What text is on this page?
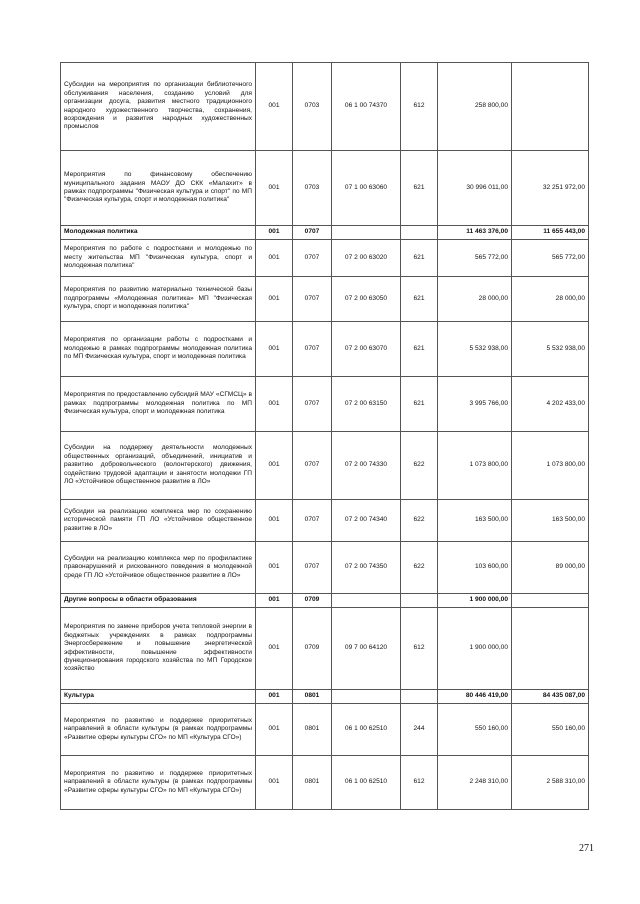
Субсидии на мероприятия по организации библиотечного обслуживания населения, созданию условий для организации досуга, развития местного традиционного народного художественного творчества, сохранения, возрождения и развития народных художественных промыслов	001	0703	06 1 00 74370	612	258 800,00	
Мероприятия по финансовому обеспечению муниципального задания МАОУ ДО СКК «Малахит» в рамках подпрограммы "Физическая культура и спорт" по МП "Физическая культура, спорт и молодежная политика"	001	0703	07 1 00 63060	621	30 996 011,00	32 251 972,00
Молодежная политика	001	0707			11 463 376,00	11 655 443,00
Мероприятия по работе с подростками и молодежью по месту жительства МП "Физическая культура, спорт и молодежная политика"	001	0707	07 2 00 63020	621	565 772,00	565 772,00
Мероприятия по развитию материально технической базы подпрограммы «Молодежная политика» МП "Физическая культура, спорт и молодежная политика"	001	0707	07 2 00 63050	621	28 000,00	28 000,00
Мероприятия по организации работы с подростками и молодежью в рамках подпрограммы молодежная политика по МП Физическая культура, спорт и молодежная политика	001	0707	07 2 00 63070	621	5 532 938,00	5 532 938,00
Мероприятия по предоставлению субсидий МАУ «СГМСЦ» в рамках подпрограммы молодежная политика по МП Физическая культура, спорт и молодежная политика	001	0707	07 2 00 63150	621	3 995 766,00	4 202 433,00
Субсидии на поддержку деятельности молодежных общественных организаций, объединений, инициатив и развитию добровольческого (волонтерского) движения, содействию трудовой адаптации и занятости молодежи ГП ЛО «Устойчивое общественное развитие в ЛО»	001	0707	07 2 00 74330	622	1 073 800,00	1 073 800,00
Субсидии на реализацию комплекса мер по сохранению исторической памяти ГП ЛО «Устойчивое общественное развитие в ЛО»	001	0707	07 2 00 74340	622	163 500,00	163 500,00
Субсидии на реализацию комплекса мер по профилактике правонарушений и рискованного поведения в молодежной среде ГП ЛО «Устойчивое общественное развитие в ЛО»	001	0707	07 2 00 74350	622	103 600,00	89 000,00
Другие вопросы в области образования	001	0709			1 900 000,00	
Мероприятия по замене приборов учета тепловой энергии в бюджетных учреждениях в рамках подпрограммы Энергосбережение и повышение энергетической эффективности, повышение эффективности функционирования городского хозяйства по МП Городское хозяйство	001	0709	09 7 00 64120	612	1 900 000,00	
Культура	001	0801			80 446 419,00	84 435 087,00
Мероприятия по развитию и поддержке приоритетных направлений в области культуры (в рамках подпрограммы «Развитие сферы культуры СГО» по МП «Культура СГО»)	001	0801	06 1 00 62510	244	550 160,00	550 160,00
Мероприятия по развитию и поддержке приоритетных направлений в области культуры (в рамках подпрограммы «Развитие сферы культуры СГО» по МП «Культура СГО»)	001	0801	06 1 00 62510	612	2 248 310,00	2 588 310,00
271
